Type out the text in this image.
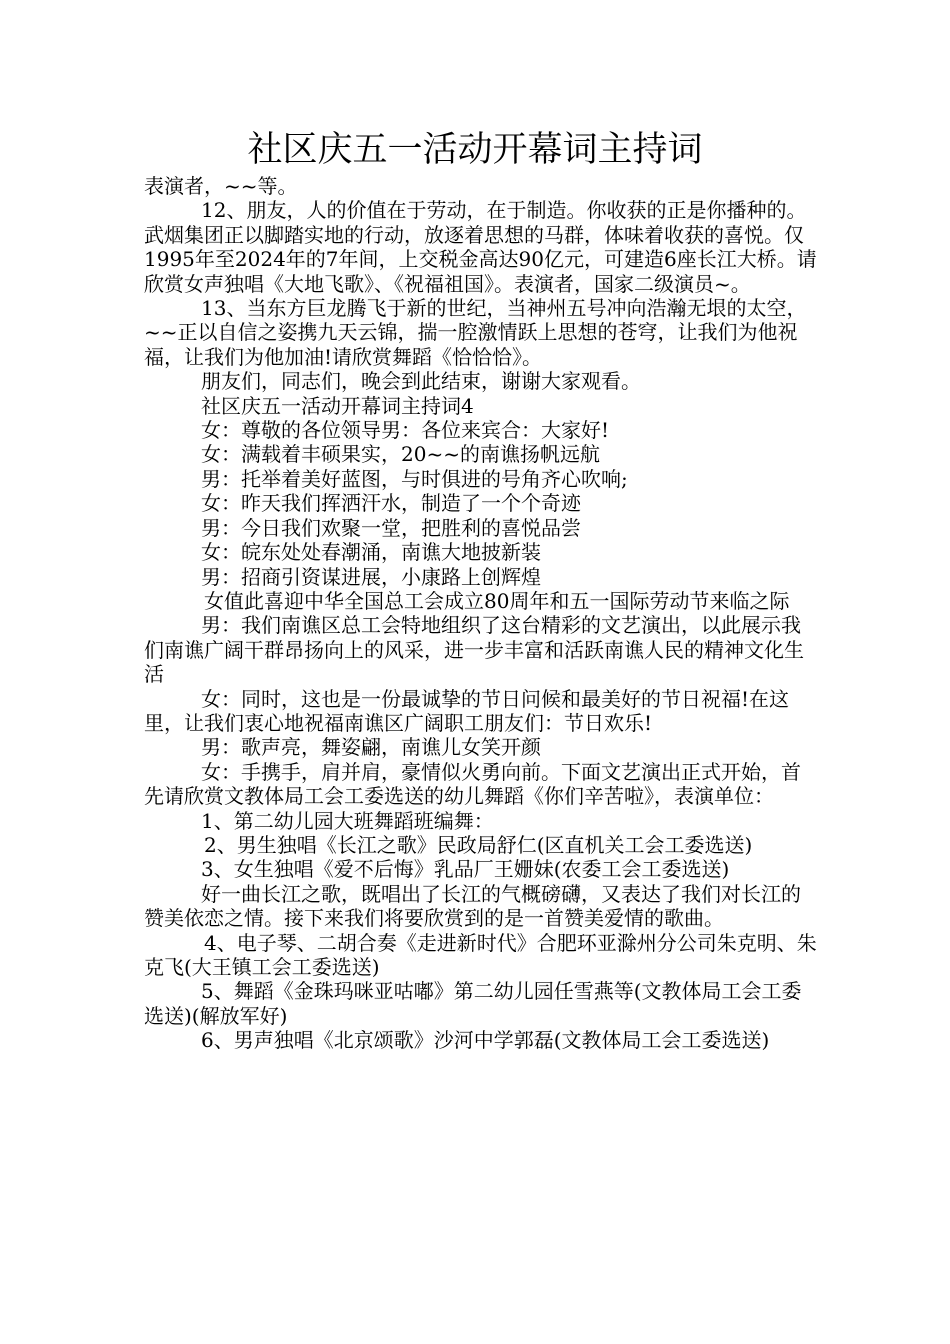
社区庆五一活动开幕词主持词

表演者，~~等。

12、朋友，人的价值在于劳动，在于制造。你收获的正是你播种的。武烟集团正以脚踏实地的行动，放逐着思想的马群，体味着收获的喜悦。仅1995年至2024年的7年间，上交税金高达90亿元，可建造6座长江大桥。请欣赏女声独唱《大地飞歌》、《祝福祖国》。表演者，国家二级演员~。

13、当东方巨龙腾飞于新的世纪，当神州五号冲向浩瀚无垠的太空，~~正以自信之姿携九天云锦，揣一腔激情跃上思想的苍穹，让我们为他祝福，让我们为他加油!请欣赏舞蹈《恰恰恰》。

朋友们，同志们，晚会到此结束，谢谢大家观看。

社区庆五一活动开幕词主持词4

女：尊敬的各位领导男：各位来宾合：大家好!

女：满载着丰硕果实，20~~的南谯扬帆远航

男：托举着美好蓝图，与时俱进的号角齐心吹响;

女：昨天我们挥洒汗水，制造了一个个奇迹

男：今日我们欢聚一堂，把胜利的喜悦品尝

女：皖东处处春潮涌，南谯大地披新装

男：招商引资谋进展，小康路上创辉煌

女值此喜迎中华全国总工会成立80周年和五一国际劳动节来临之际

男：我们南谯区总工会特地组织了这台精彩的文艺演出，以此展示我们南谯广阔干群昂扬向上的风采，进一步丰富和活跃南谯人民的精神文化生活

女：同时，这也是一份最诚挚的节日问候和最美好的节日祝福!在这里，让我们衷心地祝福南谯区广阔职工朋友们：节日欢乐!

男：歌声亮，舞姿翩，南谯儿女笑开颜

女：手携手，肩并肩，豪情似火勇向前。下面文艺演出正式开始，首先请欣赏文教体局工会工委选送的幼儿舞蹈《你们辛苦啦》，表演单位：

1、第二幼儿园大班舞蹈班编舞：

2、男生独唱《长江之歌》民政局舒仁(区直机关工会工委选送)

3、女生独唱《爱不后悔》乳品厂王姗妹(农委工会工委选送)

好一曲长江之歌，既唱出了长江的气概磅礴，又表达了我们对长江的赞美依恋之情。接下来我们将要欣赏到的是一首赞美爱情的歌曲。

4、电子琴、二胡合奏《走进新时代》合肥环亚滁州分公司朱克明、朱克飞(大王镇工会工委选送)

5、舞蹈《金珠玛咪亚咕嘟》第二幼儿园任雪燕等(文教体局工会工委选送)(解放军好)

6、男声独唱《北京颂歌》沙河中学郭磊(文教体局工会工委选送)
